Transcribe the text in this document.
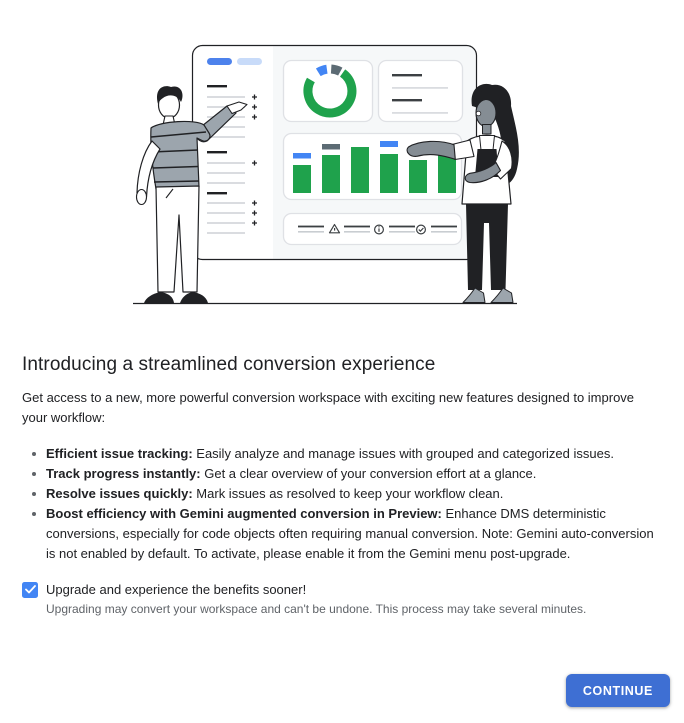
Introducing a streamlined conversion experience

Get access to a new, more powerful conversion workspace with exciting new features designed to improve your workflow:

Efficient issue tracking: Easily analyze and manage issues with grouped and categorized issues.
Track progress instantly: Get a clear overview of your conversion effort at a glance.
Resolve issues quickly: Mark issues as resolved to keep your workflow clean.
Boost efficiency with Gemini augmented conversion in Preview: Enhance DMS deterministic conversions, especially for code objects often requiring manual conversion. Note: Gemini auto-conversion is not enabled by default. To activate, please enable it from the Gemini menu post-upgrade.
Upgrade and experience the benefits sooner!
Upgrading may convert your workspace and can't be undone. This process may take several minutes.
CONTINUE
